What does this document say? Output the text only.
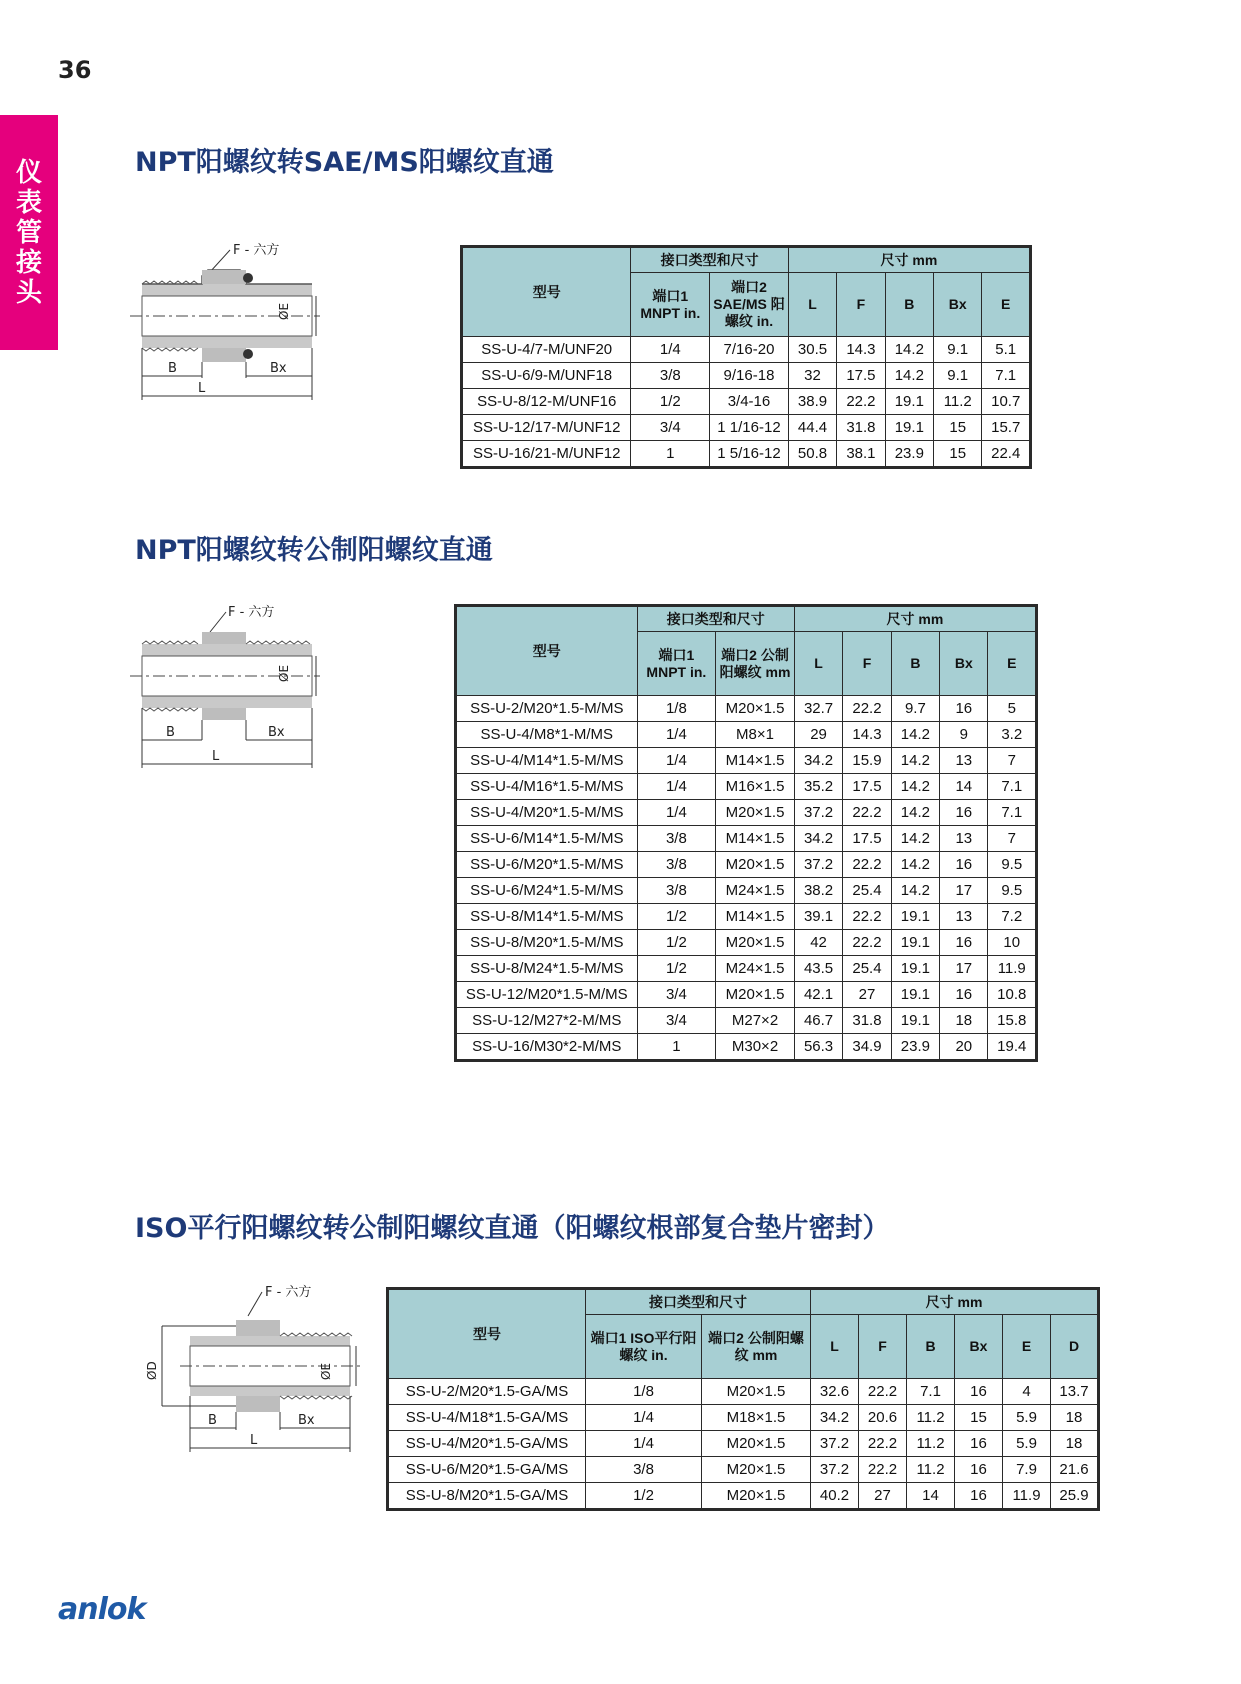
36
仪
表
管
接
头
NPT阳螺纹转SAE/MS阳螺纹直通
F - 六方
ØE
B	Bx
L
型号	接口类型和尺寸		尺寸 mm				
	端口1 MNPT in.	端口2 SAE/MS 阳螺纹 in.	L	F	B	Bx	E
SS-U-4/7-M/UNF20	1/4	7/16-20	30.5	14.3	14.2	9.1	5.1
SS-U-6/9-M/UNF18	3/8	9/16-18	32	17.5	14.2	9.1	7.1
SS-U-8/12-M/UNF16	1/2	3/4-16	38.9	22.2	19.1	11.2	10.7
SS-U-12/17-M/UNF12	3/4	1 1/16-12	44.4	31.8	19.1	15	15.7
SS-U-16/21-M/UNF12	1	1 5/16-12	50.8	38.1	23.9	15	22.4
NPT阳螺纹转公制阳螺纹直通
F - 六方
ØE
B	Bx
L
型号	接口类型和尺寸		尺寸 mm				
	端口1 MNPT in.	端口2 公制阳螺纹 mm	L	F	B	Bx	E
SS-U-2/M20*1.5-M/MS	1/8	M20×1.5	32.7	22.2	9.7	16	5
SS-U-4/M8*1-M/MS	1/4	M8×1	29	14.3	14.2	9	3.2
SS-U-4/M14*1.5-M/MS	1/4	M14×1.5	34.2	15.9	14.2	13	7
SS-U-4/M16*1.5-M/MS	1/4	M16×1.5	35.2	17.5	14.2	14	7.1
SS-U-4/M20*1.5-M/MS	1/4	M20×1.5	37.2	22.2	14.2	16	7.1
SS-U-6/M14*1.5-M/MS	3/8	M14×1.5	34.2	17.5	14.2	13	7
SS-U-6/M20*1.5-M/MS	3/8	M20×1.5	37.2	22.2	14.2	16	9.5
SS-U-6/M24*1.5-M/MS	3/8	M24×1.5	38.2	25.4	14.2	17	9.5
SS-U-8/M14*1.5-M/MS	1/2	M14×1.5	39.1	22.2	19.1	13	7.2
SS-U-8/M20*1.5-M/MS	1/2	M20×1.5	42	22.2	19.1	16	10
SS-U-8/M24*1.5-M/MS	1/2	M24×1.5	43.5	25.4	19.1	17	11.9
SS-U-12/M20*1.5-M/MS	3/4	M20×1.5	42.1	27	19.1	16	10.8
SS-U-12/M27*2-M/MS	3/4	M27×2	46.7	31.8	19.1	18	15.8
SS-U-16/M30*2-M/MS	1	M30×2	56.3	34.9	23.9	20	19.4
ISO平行阳螺纹转公制阳螺纹直通（阳螺纹根部复合垫片密封）
F - 六方
ØD	ØE
B	Bx
L
型号	接口类型和尺寸		尺寸 mm					
	端口1 ISO平行阳螺纹 in.	端口2 公制阳螺纹 mm	L	F	B	Bx	E	D
SS-U-2/M20*1.5-GA/MS	1/8	M20×1.5	32.6	22.2	7.1	16	4	13.7
SS-U-4/M18*1.5-GA/MS	1/4	M18×1.5	34.2	20.6	11.2	15	5.9	18
SS-U-4/M20*1.5-GA/MS	1/4	M20×1.5	37.2	22.2	11.2	16	5.9	18
SS-U-6/M20*1.5-GA/MS	3/8	M20×1.5	37.2	22.2	11.2	16	7.9	21.6
SS-U-8/M20*1.5-GA/MS	1/2	M20×1.5	40.2	27	14	16	11.9	25.9
anlok
